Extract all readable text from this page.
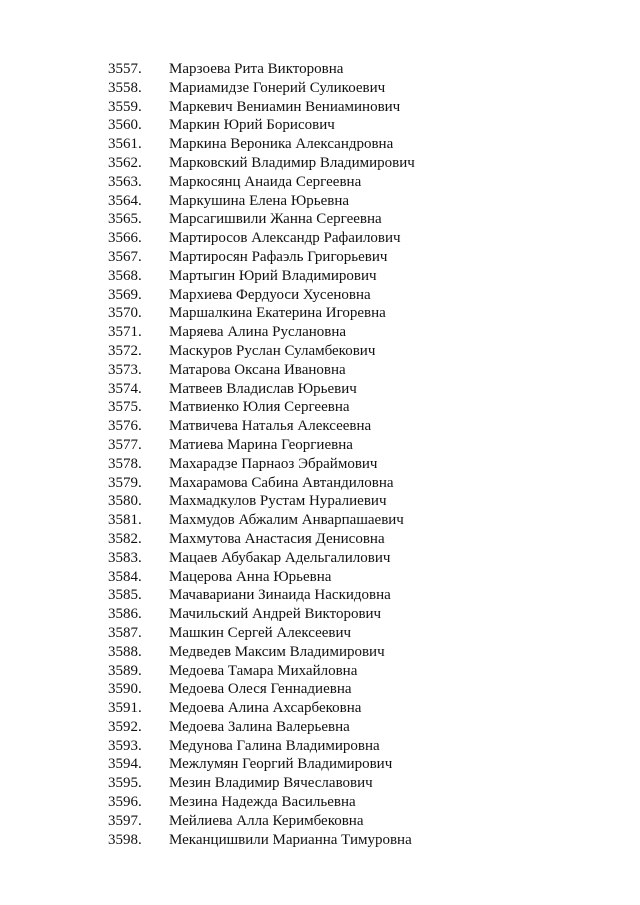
3557.	Марзоева Рита Викторовна
3558.	Мариамидзе Гонерий Суликоевич
3559.	Маркевич Вениамин Вениаминович
3560.	Маркин Юрий Борисович
3561.	Маркина Вероника Александровна
3562.	Марковский Владимир Владимирович
3563.	Маркосянц Анаида Сергеевна
3564.	Маркушина Елена Юрьевна
3565.	Марсагишвили Жанна Сергеевна
3566.	Мартиросов Александр Рафаилович
3567.	Мартиросян Рафаэль Григорьевич
3568.	Мартыгин Юрий Владимирович
3569.	Мархиева Фердуоси Хусеновна
3570.	Маршалкина Екатерина Игоревна
3571.	Маряева Алина Руслановна
3572.	Маскуров Руслан Суламбекович
3573.	Матарова Оксана Ивановна
3574.	Матвеев Владислав Юрьевич
3575.	Матвиенко Юлия Сергеевна
3576.	Матвичева Наталья Алексеевна
3577.	Матиева Марина Георгиевна
3578.	Махарадзе Парнаоз Эбраймович
3579.	Махарамова Сабина Автандиловна
3580.	Махмадкулов Рустам Нуралиевич
3581.	Махмудов Абжалим Анварпашаевич
3582.	Махмутова Анастасия Денисовна
3583.	Мацаев Абубакар Адельгалилович
3584.	Мацерова Анна Юрьевна
3585.	Мачавариани Зинаида Наскидовна
3586.	Мачильский Андрей Викторович
3587.	Машкин Сергей Алексеевич
3588.	Медведев Максим Владимирович
3589.	Медоева Тамара Михайловна
3590.	Медоева Олеся Геннадиевна
3591.	Медоева Алина Ахсарбековна
3592.	Медоева Залина Валерьевна
3593.	Медунова Галина Владимировна
3594.	Межлумян Георгий Владимирович
3595.	Мезин Владимир Вячеславович
3596.	Мезина Надежда Васильевна
3597.	Мейлиева Алла Керимбековна
3598.	Меканцишвили Марианна Тимуровна
